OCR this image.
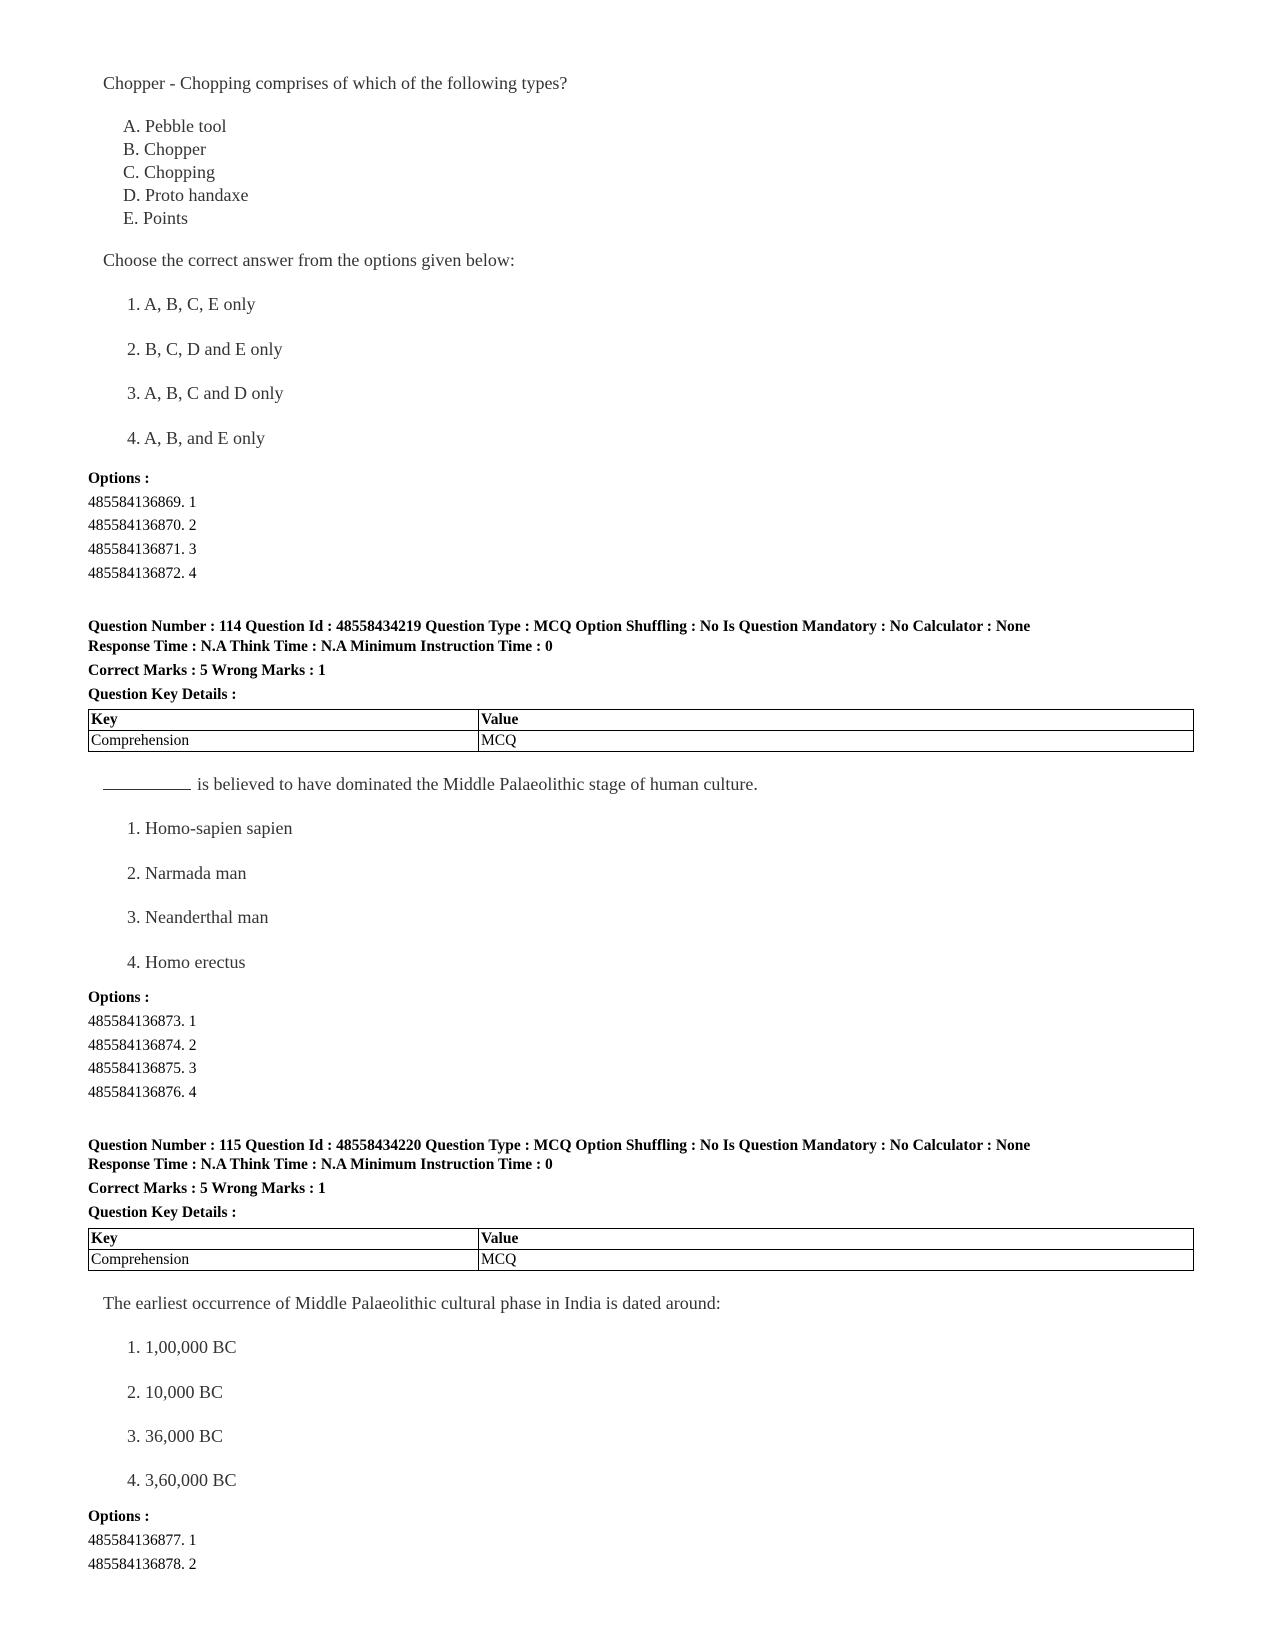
Chopper - Chopping comprises of which of the following types?
A. Pebble tool
B. Chopper
C. Chopping
D. Proto handaxe
E. Points
Choose the correct answer from the options given below:
1. A, B, C, E only
2. B, C, D and E only
3. A, B, C and D only
4. A, B, and E only
Options :
485584136869. 1
485584136870. 2
485584136871. 3
485584136872. 4
Question Number : 114 Question Id : 48558434219 Question Type : MCQ Option Shuffling : No Is Question Mandatory : No Calculator : None
Response Time : N.A Think Time : N.A Minimum Instruction Time : 0
Correct Marks : 5 Wrong Marks : 1
Question Key Details :
Key	Value
Comprehension	MCQ
is believed to have dominated the Middle Palaeolithic stage of human culture.
1. Homo-sapien sapien
2. Narmada man
3. Neanderthal man
4. Homo erectus
Options :
485584136873. 1
485584136874. 2
485584136875. 3
485584136876. 4
Question Number : 115 Question Id : 48558434220 Question Type : MCQ Option Shuffling : No Is Question Mandatory : No Calculator : None
Response Time : N.A Think Time : N.A Minimum Instruction Time : 0
Correct Marks : 5 Wrong Marks : 1
Question Key Details :
Key	Value
Comprehension	MCQ
The earliest occurrence of Middle Palaeolithic cultural phase in India is dated around:
1. 1,00,000 BC
2. 10,000 BC
3. 36,000 BC
4. 3,60,000 BC
Options :
485584136877. 1
485584136878. 2
